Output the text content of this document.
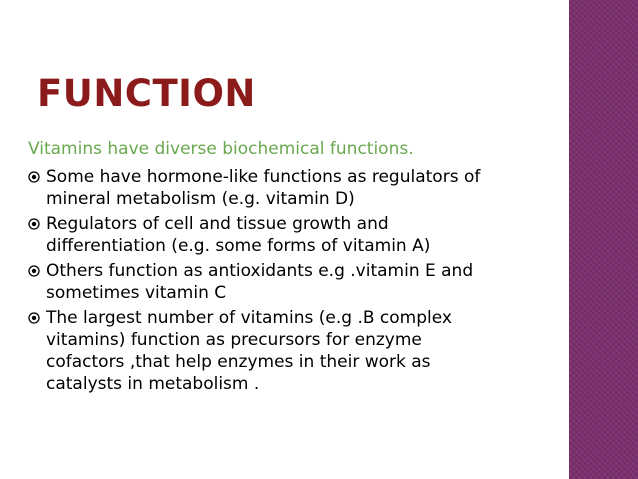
FUNCTION

Vitamins have diverse biochemical functions.

Some have hormone-like functions as regulators of
mineral metabolism (e.g. vitamin D)
Regulators of cell and tissue growth and
differentiation (e.g. some forms of vitamin A)
Others function as antioxidants e.g .vitamin E and
sometimes vitamin C
The largest number of vitamins (e.g .B complex
vitamins) function as precursors for enzyme
cofactors ,that help enzymes in their work as
catalysts in metabolism .
